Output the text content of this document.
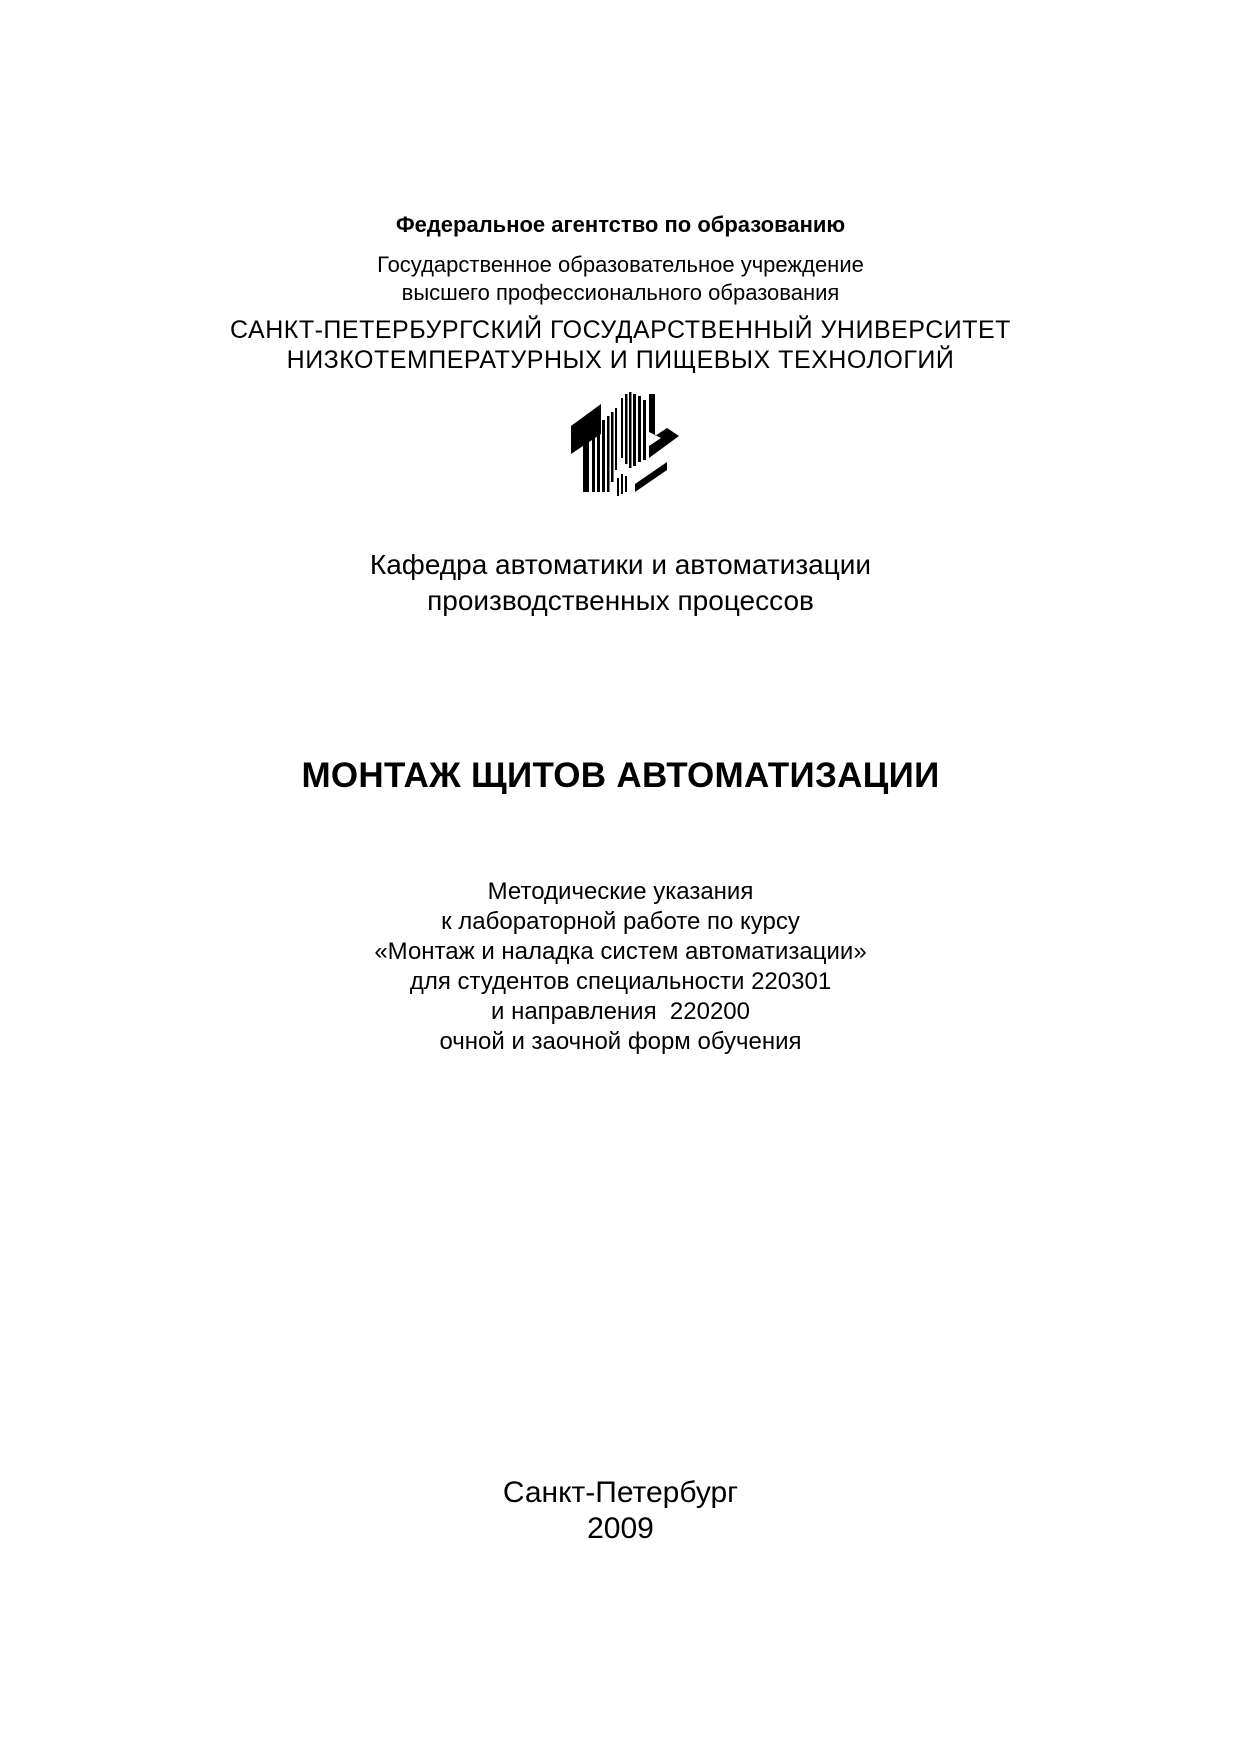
Федеральное агентство по образованию
Государственное образовательное учреждение
высшего профессионального образования
САНКТ-ПЕТЕРБУРГСКИЙ ГОСУДАРСТВЕННЫЙ УНИВЕРСИТЕТ
НИЗКОТЕМПЕРАТУРНЫХ И ПИЩЕВЫХ ТЕХНОЛОГИЙ
Кафедра автоматики и автоматизации
производственных процессов
МОНТАЖ ЩИТОВ АВТОМАТИЗАЦИИ
Методические указания
к лабораторной работе по курсу
«Монтаж и наладка систем автоматизации»
для студентов специальности 220301
и направления  220200
очной и заочной форм обучения
Санкт-Петербург
2009
